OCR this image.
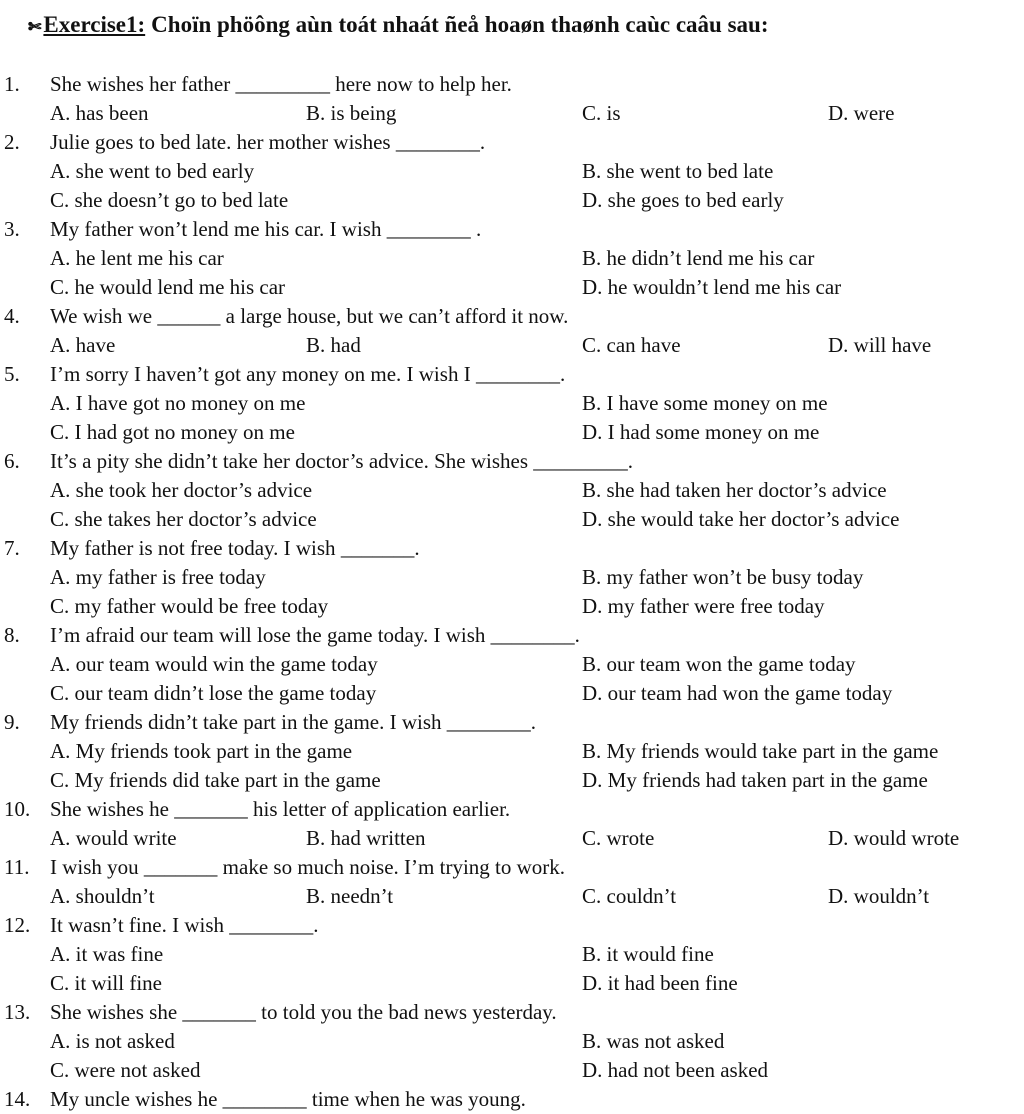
✄ Exercise1: Choïn phöông aùn toát nhaát ñeå hoaøn thaønh caùc caâu sau:
1. She wishes her father _________ here now to help her.
A. has been	B. is being	C. is	D. were
2. Julie goes to bed late. her mother wishes ________.
A. she went to bed early	B. she went to bed late
C. she doesn’t go to bed late	D. she goes to bed early
3. My father won’t lend me his car. I wish ________ .
A. he lent me his car	B. he didn’t lend me his car
C. he would lend me his car	D. he wouldn’t lend me his car
4. We wish we ______ a large house, but we can’t afford it now.
A. have	B. had	C. can have	D. will have
5. I’m sorry I haven’t got any money on me. I wish I ________.
A. I have got no money on me	B. I have some money on me
C. I had got no money on me	D. I had some money on me
6. It’s a pity she didn’t take her doctor’s advice. She wishes _________.
A. she took her doctor’s advice	B. she had taken her doctor’s advice
C. she takes her doctor’s advice	D. she would take her doctor’s advice
7. My father is not free today. I wish _______.
A. my father is free today	B. my father won’t be busy today
C. my father would be free today	D. my father were free today
8. I’m afraid our team will lose the game today. I wish ________.
A. our team would win the game today	B. our team won the game today
C. our team didn’t lose the game today	D. our team had won the game today
9. My friends didn’t take part in the game. I wish ________.
A. My friends took part in the game	B. My friends would take part in the game
C. My friends did take part in the game	D. My friends had taken part in the game
10. She wishes he _______ his letter of application earlier.
A. would write	B. had written	C. wrote	D. would wrote
11. I wish you _______ make so much noise. I’m trying to work.
A. shouldn’t	B. needn’t	C. couldn’t	D. wouldn’t
12. It wasn’t fine. I wish ________.
A. it was fine	B. it would fine
C. it will fine	D. it had been fine
13. She wishes she _______ to told you the bad news yesterday.
A. is not asked	B. was not asked
C. were not asked	D. had not been asked
14. My uncle wishes he ________ time when he was young.
